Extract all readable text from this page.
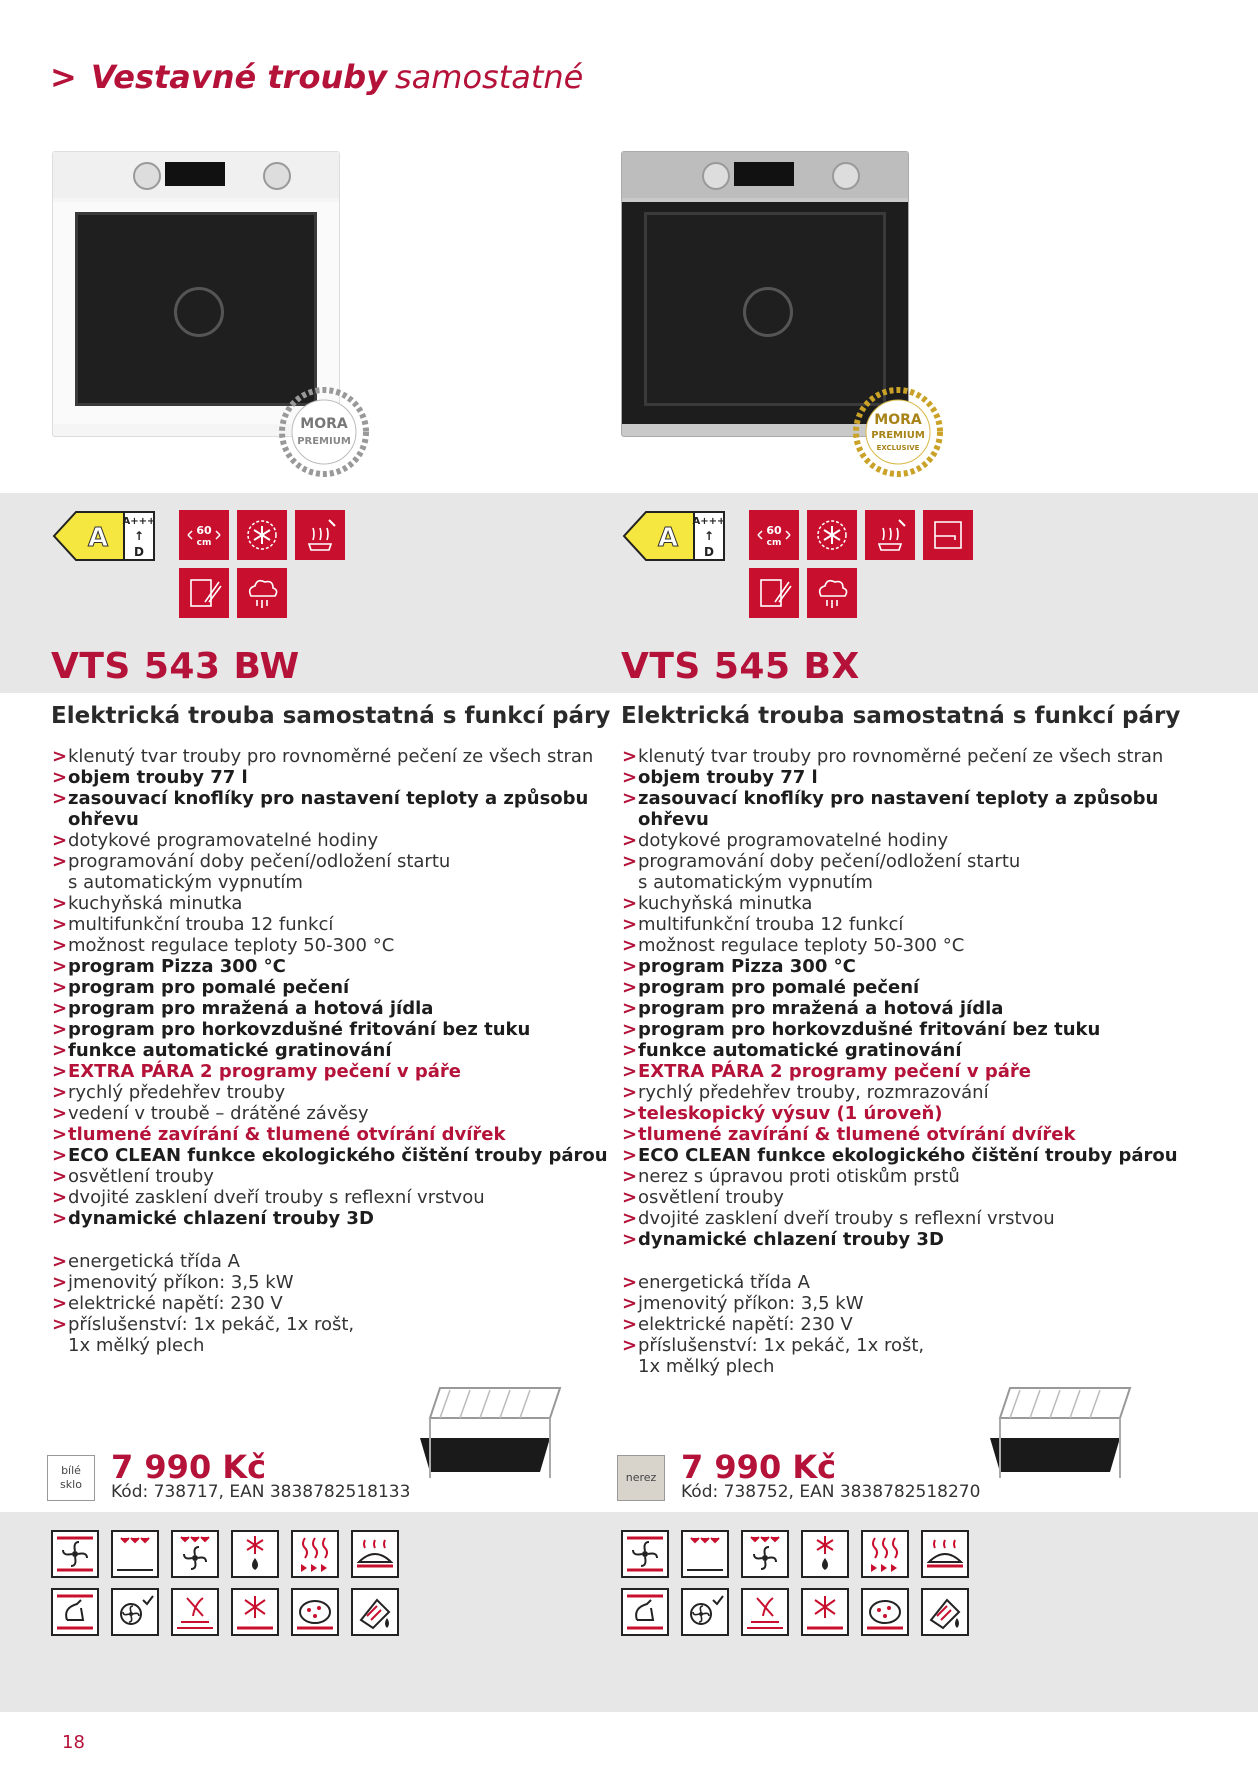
> Vestavné trouby samostatné
MORA
PREMIUM
A
A+++
↑
D
60
cm
VTS 543 BW
Elektrická trouba samostatná s funkcí páry
> klenutý tvar trouby pro rovnoměrné pečení ze všech stran
> objem trouby 77 l
> zasouvací knoflíky pro nastavení teploty a způsobu
ohřevu
> dotykové programovatelné hodiny
> programování doby pečení/odložení startu
s automatickým vypnutím
> kuchyňská minutka
> multifunkční trouba 12 funkcí
> možnost regulace teploty 50-300 °C
> program Pizza 300 °C
> program pro pomalé pečení
> program pro mražená a hotová jídla
> program pro horkovzdušné fritování bez tuku
> funkce automatické gratinování
> EXTRA PÁRA 2 programy pečení v páře
> rychlý předehřev trouby
> vedení v troubě – drátěné závěsy
> tlumené zavírání & tlumené otvírání dvířek
> ECO CLEAN funkce ekologického čištění trouby párou
> osvětlení trouby
> dvojité zasklení dveří trouby s reflexní vrstvou
> dynamické chlazení trouby 3D
> energetická třída A
> jmenovitý příkon: 3,5 kW
> elektrické napětí: 230 V
> příslušenství: 1x pekáč, 1x rošt,
1x mělký plech
bílé
sklo 7 990 Kč
Kód: 738717, EAN 3838782518133
MORA
PREMIUM
EXCLUSIVE
A
A+++
↑
D
60
cm
VTS 545 BX
Elektrická trouba samostatná s funkcí páry
> klenutý tvar trouby pro rovnoměrné pečení ze všech stran
> objem trouby 77 l
> zasouvací knoflíky pro nastavení teploty a způsobu
ohřevu
> dotykové programovatelné hodiny
> programování doby pečení/odložení startu
s automatickým vypnutím
> kuchyňská minutka
> multifunkční trouba 12 funkcí
> možnost regulace teploty 50-300 °C
> program Pizza 300 °C
> program pro pomalé pečení
> program pro mražená a hotová jídla
> program pro horkovzdušné fritování bez tuku
> funkce automatické gratinování
> EXTRA PÁRA 2 programy pečení v páře
> rychlý předehřev trouby, rozmrazování
> teleskopický výsuv (1 úroveň)
> tlumené zavírání & tlumené otvírání dvířek
> ECO CLEAN funkce ekologického čištění trouby párou
> nerez s úpravou proti otiskům prstů
> osvětlení trouby
> dvojité zasklení dveří trouby s reflexní vrstvou
> dynamické chlazení trouby 3D
> energetická třída A
> jmenovitý příkon: 3,5 kW
> elektrické napětí: 230 V
> příslušenství: 1x pekáč, 1x rošt,
1x mělký plech
nerez 7 990 Kč
Kód: 738752, EAN 3838782518270
18
